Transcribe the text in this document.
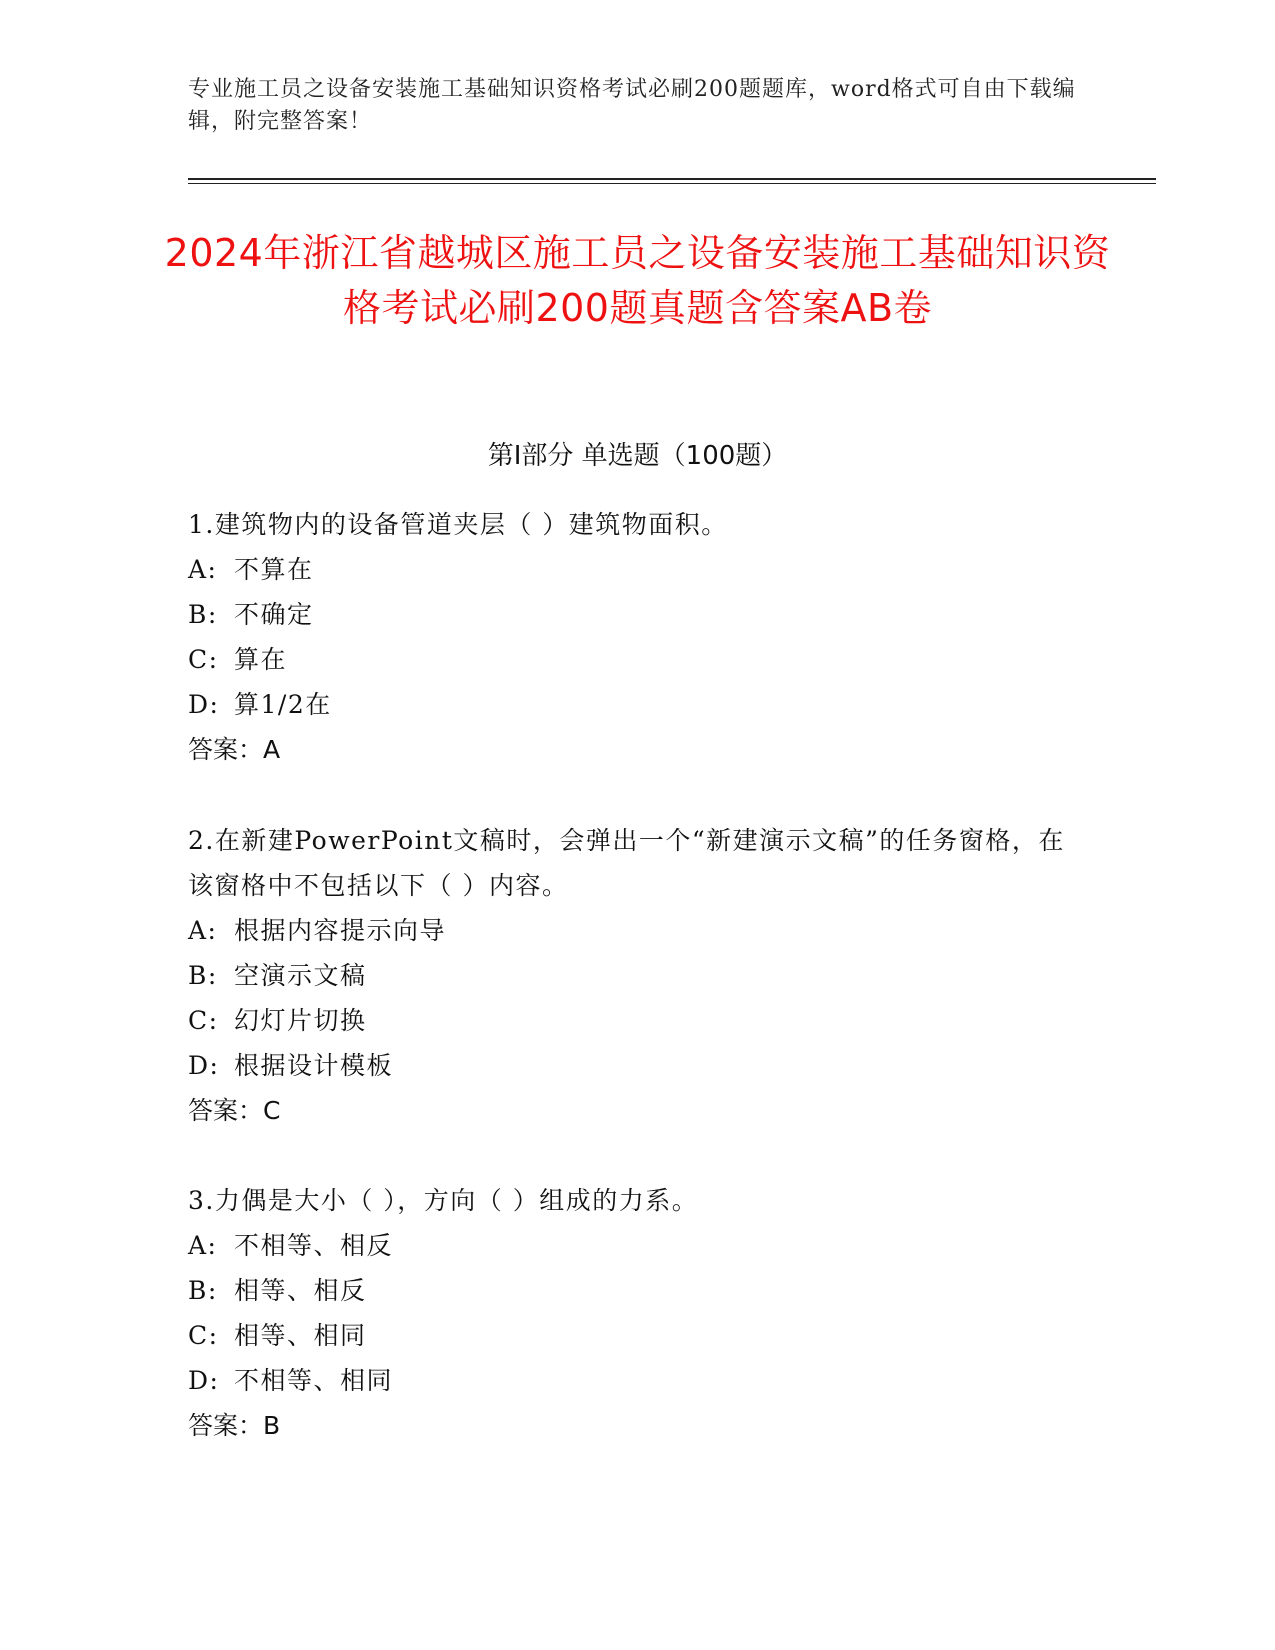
专业施工员之设备安装施工基础知识资格考试必刷200题题库，word格式可自由下载编辑，附完整答案！
2024年浙江省越城区施工员之设备安装施工基础知识资格考试必刷200题真题含答案AB卷
第I部分 单选题（100题）

1.建筑物内的设备管道夹层（ ）建筑物面积。

A: 不算在

B: 不确定

C: 算在

D: 算1/2在

答案：A

2.在新建PowerPoint文稿时，会弹出一个“新建演示文稿”的任务窗格，在该窗格中不包括以下（ ）内容。

A: 根据内容提示向导

B: 空演示文稿

C: 幻灯片切换

D: 根据设计模板

答案：C

3.力偶是大小（ ），方向（ ）组成的力系。

A: 不相等、相反

B: 相等、相反

C: 相等、相同

D: 不相等、相同

答案：B
